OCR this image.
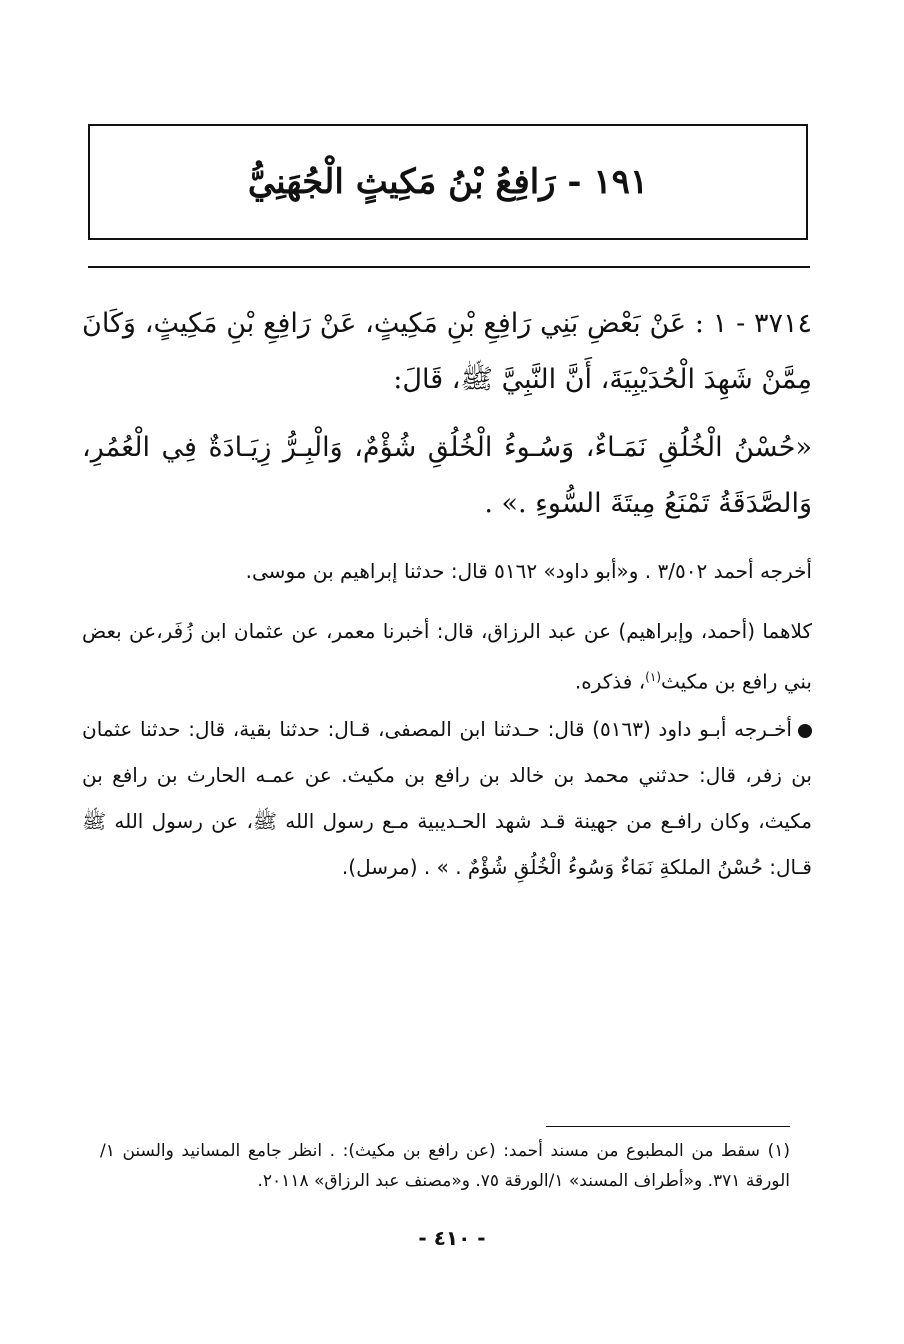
١٩١ - رَافِعُ بْنُ مَكِيثٍ الْجُهَنِيُّ
٣٧١٤ - ١ : عَنْ بَعْضِ بَنِي رَافِعِ بْنِ مَكِيثٍ، عَنْ رَافِعِ بْنِ مَكِيثٍ، وَكَانَ مِمَّنْ شَهِدَ الْحُدَيْبِيَةَ، أَنَّ النَّبِيَّ ﷺ، قَالَ:
«حُسْنُ الْخُلُقِ نَمَـاءٌ، وَسُـوءُ الْخُلُقِ شُؤْمٌ، وَالْبِـرُّ زِيَـادَةٌ فِي الْعُمُرِ، وَالصَّدَقَةُ تَمْنَعُ مِيتَةَ السُّوءِ .» .
أخرجه أحمد ٣/٥٠٢ . و«أبو داود» ٥١٦٢ قال: حدثنا إبراهيم بن موسى.
كلاهما (أحمد، وإبراهيم) عن عبد الرزاق، قال: أخبرنا معمر، عن عثمان ابن زُفَر،عن بعض بني رافع بن مكيث$^{(١)}$، فذكره.
أخـرجه أبـو داود (٥١٦٣) قال: حـدثنا ابن المصفى، قـال: حدثنا بقية، قال: حدثنا عثمان بن زفر، قال: حدثني محمد بن خالد بن رافع بن مكيث. عن عمـه الحارث بن رافع بن مكيث، وكان رافـع من جهينة قـد شهد الحـديبية مـع رسول الله ﷺ، عن رسول الله ﷺ قـال: حُسْنُ الملكةِ نَمَاءٌ وَسُوءُ الْخُلُقِ شُؤْمٌ . » . (مرسل).
(١) سقط من المطبوع من مسند أحمد: (عن رافع بن مكيث): . انظر جامع المسانيد والسنن ١/الورقة ٣٧١. و«أطراف المسند» ١/الورقة ٧٥. و«مصنف عبد الرزاق» ٢٠١١٨.
- ٤١٠ -
